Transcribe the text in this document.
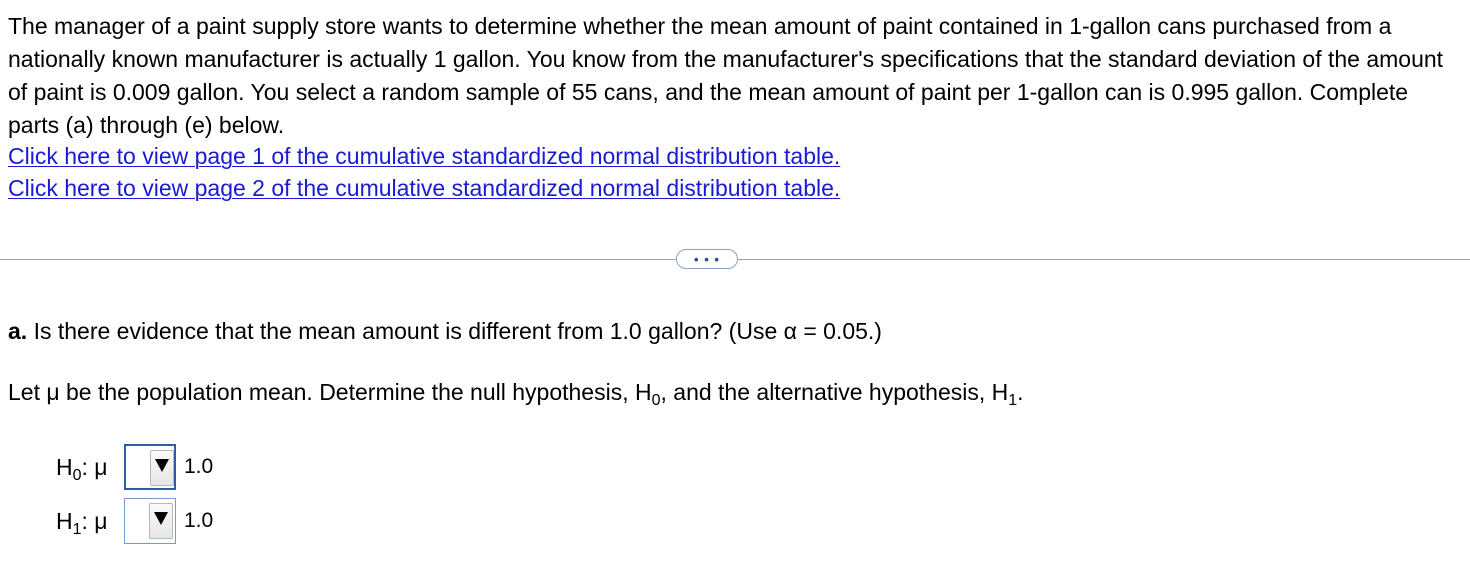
The manager of a paint supply store wants to determine whether the mean amount of paint contained in 1-gallon cans purchased from a nationally known manufacturer is actually 1 gallon. You know from the manufacturer's specifications that the standard deviation of the amount of paint is 0.009 gallon. You select a random sample of 55 cans, and the mean amount of paint per 1-gallon can is 0.995 gallon. Complete parts (a) through (e) below.

Click here to view page 1 of the cumulative standardized normal distribution table.
Click here to view page 2 of the cumulative standardized normal distribution table.
• • •
a. Is there evidence that the mean amount is different from 1.0 gallon? (Use α = 0.05.)
Let μ be the population mean. Determine the null hypothesis, $H_0$, and the alternative hypothesis, $H_1$.
$H_0$: μ	1.0
$H_1$: μ	1.0
